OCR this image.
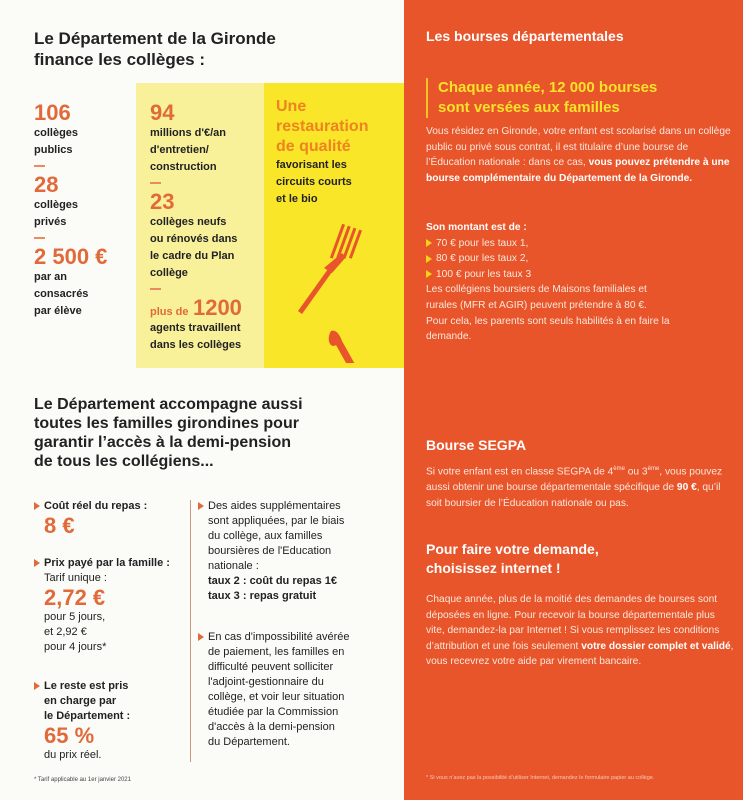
Le Département de la Gironde
finance les collèges :
106
collèges
publics
28
collèges
privés
2 500 €
par an
consacrés
par élève
94
millions d'€/an
d'entretien/
construction
23
collèges neufs
ou rénovés dans
le cadre du Plan
collège
plus de 1200
agents travaillent
dans les collèges
Une
restauration
de qualité
favorisant les
circuits courts
et le bio
Le Département accompagne aussi
toutes les familles girondines pour
garantir l’accès à la demi-pension
de tous les collégiens...
Coût réel du repas :
8 €
Prix payé par la famille :
Tarif unique :
2,72 €
pour 5 jours,
et 2,92 €
pour 4 jours*
Le reste est pris
en charge par
le Département :
65 %
du prix réel.
Des aides supplémentaires
sont appliquées, par le biais
du collège, aux familles
boursières de l'Education
nationale :
taux 2 : coût du repas 1€
taux 3 : repas gratuit
En cas d'impossibilité avérée
de paiement, les familles en
difficulté peuvent solliciter
l'adjoint-gestionnaire du
collège, et voir leur situation
étudiée par la Commission
d'accès à la demi-pension
du Département.
* Tarif applicable au 1er janvier 2021
Les bourses départementales
Chaque année, 12 000 bourses
sont versées aux familles
Vous résidez en Gironde, votre enfant est scolarisé dans un collège public ou privé sous contrat, il est titulaire d’une bourse de l’Éducation nationale : dans ce cas, vous pouvez prétendre à une bourse complémentaire du Département de la Gironde.
Son montant est de :
70 € pour les taux 1,
80 € pour les taux 2,
100 € pour les taux 3
Les collégiens boursiers de Maisons familiales et rurales (MFR et AGIR) peuvent prétendre à 80 €. Pour cela, les parents sont seuls habilités à en faire la demande.
Bourse SEGPA
Si votre enfant est en classe SEGPA de 4ème ou 3ème, vous pouvez aussi obtenir une bourse départementale spécifique de 90 €, qu’il soit boursier de l’Éducation nationale ou pas.
Pour faire votre demande,
choisissez internet !
Chaque année, plus de la moitié des demandes de bourses sont déposées en ligne. Pour recevoir la bourse départementale plus vite, demandez-la par Internet ! Si vous remplissez les conditions d’attribution et une fois seulement votre dossier complet et validé, vous recevrez votre aide par virement bancaire.
* Si vous n’avez pas la possibilité d’utiliser Internet, demandez le formulaire papier au collège.
